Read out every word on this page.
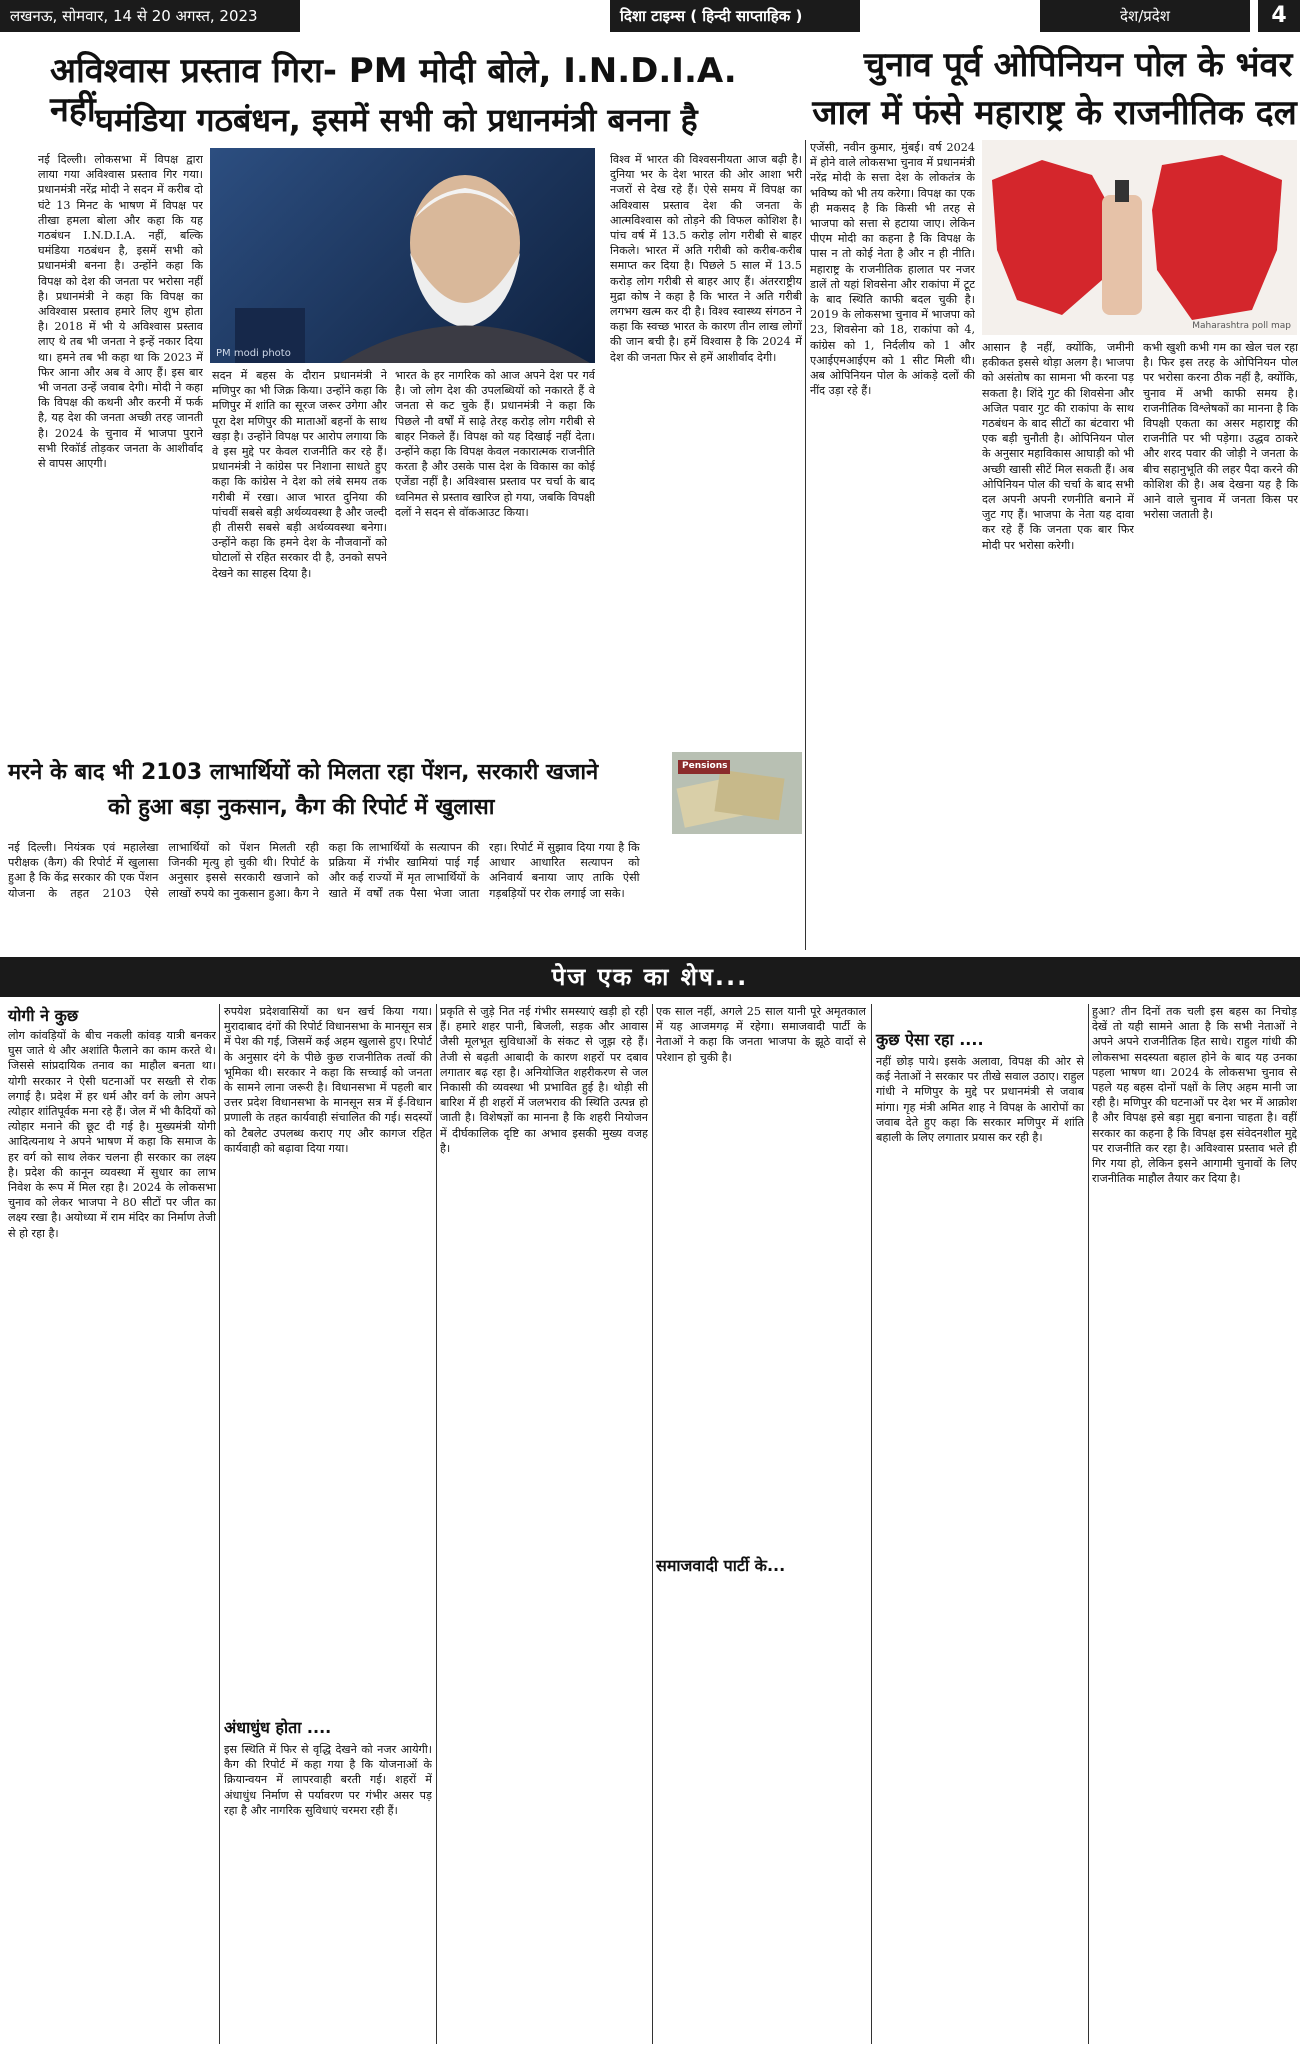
लखनऊ, सोमवार, 14 से 20 अगस्त, 2023	दिशा टाइम्स ( हिन्दी साप्ताहिक )	देश/प्रदेश	4
अविश्वास प्रस्ताव गिरा- PM मोदी बोले, I.N.D.I.A. नहीं घमंडिया गठबंधन, इसमें सभी को प्रधानमंत्री बनना है
चुनाव पूर्व ओपिनियन पोल के भंवर
जाल में फंसे महाराष्ट्र के राजनीतिक दल
PM modi photo
नई दिल्ली। लोकसभा में विपक्ष द्वारा लाया गया अविश्वास प्रस्ताव गिर गया। प्रधानमंत्री नरेंद्र मोदी ने सदन में करीब दो घंटे 13 मिनट के भाषण में विपक्ष पर तीखा हमला बोला और कहा कि यह गठबंधन I.N.D.I.A. नहीं, बल्कि घमंडिया गठबंधन है, इसमें सभी को प्रधानमंत्री बनना है। उन्होंने कहा कि विपक्ष को देश की जनता पर भरोसा नहीं है। प्रधानमंत्री ने कहा कि विपक्ष का अविश्वास प्रस्ताव हमारे लिए शुभ होता है। 2018 में भी ये अविश्वास प्रस्ताव लाए थे तब भी जनता ने इन्हें नकार दिया था। हमने तब भी कहा था कि 2023 में फिर आना और अब वे आए हैं। इस बार भी जनता उन्हें जवाब देगी। मोदी ने कहा कि विपक्ष की कथनी और करनी में फर्क है, यह देश की जनता अच्छी तरह जानती है। 2024 के चुनाव में भाजपा पुराने सभी रिकॉर्ड तोड़कर जनता के आशीर्वाद से वापस आएगी।
सदन में बहस के दौरान प्रधानमंत्री ने मणिपुर का भी जिक्र किया। उन्होंने कहा कि मणिपुर में शांति का सूरज जरूर उगेगा और पूरा देश मणिपुर की माताओं बहनों के साथ खड़ा है। उन्होंने विपक्ष पर आरोप लगाया कि वे इस मुद्दे पर केवल राजनीति कर रहे हैं। प्रधानमंत्री ने कांग्रेस पर निशाना साधते हुए कहा कि कांग्रेस ने देश को लंबे समय तक गरीबी में रखा। आज भारत दुनिया की पांचवीं सबसे बड़ी अर्थव्यवस्था है और जल्दी ही तीसरी सबसे बड़ी अर्थव्यवस्था बनेगा। उन्होंने कहा कि हमने देश के नौजवानों को घोटालों से रहित सरकार दी है, उनको सपने देखने का साहस दिया है।
भारत के हर नागरिक को आज अपने देश पर गर्व है। जो लोग देश की उपलब्धियों को नकारते हैं वे जनता से कट चुके हैं। प्रधानमंत्री ने कहा कि पिछले नौ वर्षों में साढ़े तेरह करोड़ लोग गरीबी से बाहर निकले हैं। विपक्ष को यह दिखाई नहीं देता। उन्होंने कहा कि विपक्ष केवल नकारात्मक राजनीति करता है और उसके पास देश के विकास का कोई एजेंडा नहीं है। अविश्वास प्रस्ताव पर चर्चा के बाद ध्वनिमत से प्रस्ताव खारिज हो गया, जबकि विपक्षी दलों ने सदन से वॉकआउट किया।
विश्व में भारत की विश्वसनीयता आज बढ़ी है। दुनिया भर के देश भारत की ओर आशा भरी नजरों से देख रहे हैं। ऐसे समय में विपक्ष का अविश्वास प्रस्ताव देश की जनता के आत्मविश्वास को तोड़ने की विफल कोशिश है। पांच वर्ष में 13.5 करोड़ लोग गरीबी से बाहर निकले। भारत में अति गरीबी को करीब-करीब समाप्त कर दिया है। पिछले 5 साल में 13.5 करोड़ लोग गरीबी से बाहर आए हैं। अंतरराष्ट्रीय मुद्रा कोष ने कहा है कि भारत ने अति गरीबी लगभग खत्म कर दी है। विश्व स्वास्थ्य संगठन ने कहा कि स्वच्छ भारत के कारण तीन लाख लोगों की जान बची है। हमें विश्वास है कि 2024 में देश की जनता फिर से हमें आशीर्वाद देगी।
मरने के बाद भी 2103 लाभार्थियों को मिलता रहा पेंशन, सरकारी खजाने
को हुआ बड़ा नुकसान, कैग की रिपोर्ट में खुलासा
Pensions
नई दिल्ली। नियंत्रक एवं महालेखा परीक्षक (कैग) की रिपोर्ट में खुलासा हुआ है कि केंद्र सरकार की एक पेंशन योजना के तहत 2103 ऐसे लाभार्थियों को पेंशन मिलती रही जिनकी मृत्यु हो चुकी थी। रिपोर्ट के अनुसार इससे सरकारी खजाने को लाखों रुपये का नुकसान हुआ। कैग ने कहा कि लाभार्थियों के सत्यापन की प्रक्रिया में गंभीर खामियां पाई गईं और कई राज्यों में मृत लाभार्थियों के खाते में वर्षों तक पैसा भेजा जाता रहा। रिपोर्ट में सुझाव दिया गया है कि आधार आधारित सत्यापन को अनिवार्य बनाया जाए ताकि ऐसी गड़बड़ियों पर रोक लगाई जा सके।
Maharashtra poll map
एजेंसी, नवीन कुमार, मुंबई। वर्ष 2024 में होने वाले लोकसभा चुनाव में प्रधानमंत्री नरेंद्र मोदी के सत्ता देश के लोकतंत्र के भविष्य को भी तय करेगा। विपक्ष का एक ही मकसद है कि किसी भी तरह से भाजपा को सत्ता से हटाया जाए। लेकिन पीएम मोदी का कहना है कि विपक्ष के पास न तो कोई नेता है और न ही नीति। महाराष्ट्र के राजनीतिक हालात पर नजर डालें तो यहां शिवसेना और राकांपा में टूट के बाद स्थिति काफी बदल चुकी है। 2019 के लोकसभा चुनाव में भाजपा को 23, शिवसेना को 18, राकांपा को 4, कांग्रेस को 1, निर्दलीय को 1 और एआईएमआईएम को 1 सीट मिली थी। अब ओपिनियन पोल के आंकड़े दलों की नींद उड़ा रहे हैं।
आसान है नहीं, क्योंकि, जमीनी हकीकत इससे थोड़ा अलग है। भाजपा को असंतोष का सामना भी करना पड़ सकता है। शिंदे गुट की शिवसेना और अजित पवार गुट की राकांपा के साथ गठबंधन के बाद सीटों का बंटवारा भी एक बड़ी चुनौती है। ओपिनियन पोल के अनुसार महाविकास आघाड़ी को भी अच्छी खासी सीटें मिल सकती हैं। अब ओपिनियन पोल की चर्चा के बाद सभी दल अपनी अपनी रणनीति बनाने में जुट गए हैं। भाजपा के नेता यह दावा कर रहे हैं कि जनता एक बार फिर मोदी पर भरोसा करेगी।
कभी खुशी कभी गम का खेल चल रहा है। फिर इस तरह के ओपिनियन पोल पर भरोसा करना ठीक नहीं है, क्योंकि, चुनाव में अभी काफी समय है। राजनीतिक विश्लेषकों का मानना है कि विपक्षी एकता का असर महाराष्ट्र की राजनीति पर भी पड़ेगा। उद्धव ठाकरे और शरद पवार की जोड़ी ने जनता के बीच सहानुभूति की लहर पैदा करने की कोशिश की है। अब देखना यह है कि आने वाले चुनाव में जनता किस पर भरोसा जताती है।
पेज एक का शेष...
योगी ने कुछ
लोग कांवड़ियों के बीच नकली कांवड़ यात्री बनकर घुस जाते थे और अशांति फैलाने का काम करते थे। जिससे सांप्रदायिक तनाव का माहौल बनता था। योगी सरकार ने ऐसी घटनाओं पर सख्ती से रोक लगाई है। प्रदेश में हर धर्म और वर्ग के लोग अपने त्योहार शांतिपूर्वक मना रहे हैं। जेल में भी कैदियों को त्योहार मनाने की छूट दी गई है। मुख्यमंत्री योगी आदित्यनाथ ने अपने भाषण में कहा कि समाज के हर वर्ग को साथ लेकर चलना ही सरकार का लक्ष्य है। प्रदेश की कानून व्यवस्था में सुधार का लाभ निवेश के रूप में मिल रहा है। 2024 के लोकसभा चुनाव को लेकर भाजपा ने 80 सीटों पर जीत का लक्ष्य रखा है। अयोध्या में राम मंदिर का निर्माण तेजी से हो रहा है।
रुपयेश प्रदेशवासियों का धन खर्च किया गया। मुरादाबाद दंगों की रिपोर्ट विधानसभा के मानसून सत्र में पेश की गई, जिसमें कई अहम खुलासे हुए। रिपोर्ट के अनुसार दंगे के पीछे कुछ राजनीतिक तत्वों की भूमिका थी। सरकार ने कहा कि सच्चाई को जनता के सामने लाना जरूरी है। विधानसभा में पहली बार उत्तर प्रदेश विधानसभा के मानसून सत्र में ई-विधान प्रणाली के तहत कार्यवाही संचालित की गई। सदस्यों को टैबलेट उपलब्ध कराए गए और कागज रहित कार्यवाही को बढ़ावा दिया गया।
अंधाधुंध होता ....
इस स्थिति में फिर से वृद्धि देखने को नजर आयेगी। कैग की रिपोर्ट में कहा गया है कि योजनाओं के क्रियान्वयन में लापरवाही बरती गई। शहरों में अंधाधुंध निर्माण से पर्यावरण पर गंभीर असर पड़ रहा है और नागरिक सुविधाएं चरमरा रही हैं।
प्रकृति से जुड़े नित नई गंभीर समस्याएं खड़ी हो रही हैं। हमारे शहर पानी, बिजली, सड़क और आवास जैसी मूलभूत सुविधाओं के संकट से जूझ रहे हैं। तेजी से बढ़ती आबादी के कारण शहरों पर दबाव लगातार बढ़ रहा है। अनियोजित शहरीकरण से जल निकासी की व्यवस्था भी प्रभावित हुई है। थोड़ी सी बारिश में ही शहरों में जलभराव की स्थिति उत्पन्न हो जाती है। विशेषज्ञों का मानना है कि शहरी नियोजन में दीर्घकालिक दृष्टि का अभाव इसकी मुख्य वजह है।
एक साल नहीं, अगले 25 साल यानी पूरे अमृतकाल में यह आजमगढ़ में रहेगा। समाजवादी पार्टी के नेताओं ने कहा कि जनता भाजपा के झूठे वादों से परेशान हो चुकी है।
कुछ ऐसा रहा ....
नहीं छोड़ पाये। इसके अलावा, विपक्ष की ओर से कई नेताओं ने सरकार पर तीखे सवाल उठाए। राहुल गांधी ने मणिपुर के मुद्दे पर प्रधानमंत्री से जवाब मांगा। गृह मंत्री अमित शाह ने विपक्ष के आरोपों का जवाब देते हुए कहा कि सरकार मणिपुर में शांति बहाली के लिए लगातार प्रयास कर रही है।
समाजवादी पार्टी के...
हुआ? तीन दिनों तक चली इस बहस का निचोड़ देखें तो यही सामने आता है कि सभी नेताओं ने अपने अपने राजनीतिक हित साधे। राहुल गांधी की लोकसभा सदस्यता बहाल होने के बाद यह उनका पहला भाषण था। 2024 के लोकसभा चुनाव से पहले यह बहस दोनों पक्षों के लिए अहम मानी जा रही है। मणिपुर की घटनाओं पर देश भर में आक्रोश है और विपक्ष इसे बड़ा मुद्दा बनाना चाहता है। वहीं सरकार का कहना है कि विपक्ष इस संवेदनशील मुद्दे पर राजनीति कर रहा है। अविश्वास प्रस्ताव भले ही गिर गया हो, लेकिन इसने आगामी चुनावों के लिए राजनीतिक माहौल तैयार कर दिया है।
